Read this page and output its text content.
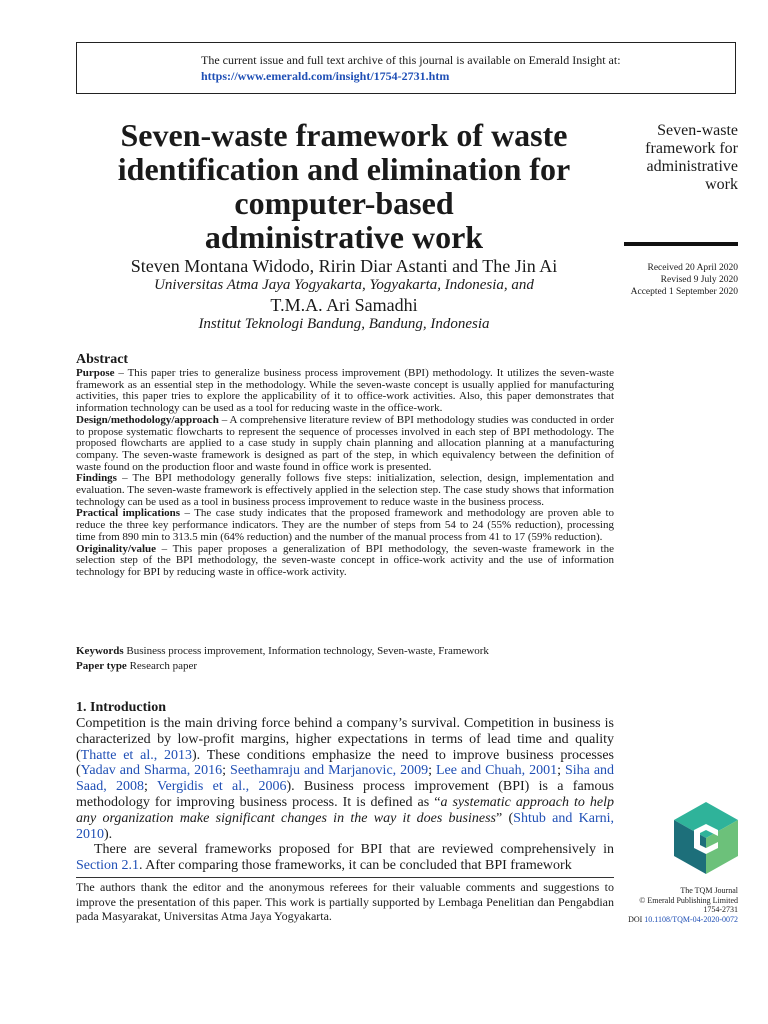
The current issue and full text archive of this journal is available on Emerald Insight at:
https://www.emerald.com/insight/1754-2731.htm
Seven-waste framework of waste
identification and elimination for
computer-based
administrative work
Seven-waste
framework for
administrative
work
Received 20 April 2020
Revised 9 July 2020
Accepted 1 September 2020
Steven Montana Widodo, Ririn Diar Astanti and The Jin Ai
Universitas Atma Jaya Yogyakarta, Yogyakarta, Indonesia, and
T.M.A. Ari Samadhi
Institut Teknologi Bandung, Bandung, Indonesia
Abstract

Purpose – This paper tries to generalize business process improvement (BPI) methodology. It utilizes the seven-waste framework as an essential step in the methodology. While the seven-waste concept is usually applied for manufacturing activities, this paper tries to explore the applicability of it to office-work activities. Also, this paper demonstrates that information technology can be used as a tool for reducing waste in the office-work.

Design/methodology/approach – A comprehensive literature review of BPI methodology studies was conducted in order to propose systematic flowcharts to represent the sequence of processes involved in each step of BPI methodology. The proposed flowcharts are applied to a case study in supply chain planning and allocation planning at a manufacturing company. The seven-waste framework is designed as part of the step, in which equivalency between the definition of waste found on the production floor and waste found in office work is presented.

Findings – The BPI methodology generally follows five steps: initialization, selection, design, implementation and evaluation. The seven-waste framework is effectively applied in the selection step. The case study shows that information technology can be used as a tool in business process improvement to reduce waste in the business process.

Practical implications – The case study indicates that the proposed framework and methodology are proven able to reduce the three key performance indicators. They are the number of steps from 54 to 24 (55% reduction), processing time from 890 min to 313.5 min (64% reduction) and the number of the manual process from 41 to 17 (59% reduction).

Originality/value – This paper proposes a generalization of BPI methodology, the seven-waste framework in the selection step of the BPI methodology, the seven-waste concept in office-work activity and the use of information technology for BPI by reducing waste in office-work activity.

Keywords Business process improvement, Information technology, Seven-waste, Framework
Paper type Research paper
1. Introduction

Competition is the main driving force behind a company’s survival. Competition in business is characterized by low-profit margins, higher expectations in terms of lead time and quality (Thatte et al., 2013). These conditions emphasize the need to improve business processes (Yadav and Sharma, 2016; Seethamraju and Marjanovic, 2009; Lee and Chuah, 2001; Siha and Saad, 2008; Vergidis et al., 2006). Business process improvement (BPI) is a famous methodology for improving business process. It is defined as “a systematic approach to help any organization make significant changes in the way it does business” (Shtub and Karni, 2010).

There are several frameworks proposed for BPI that are reviewed comprehensively in Section 2.1. After comparing those frameworks, it can be concluded that BPI framework

The authors thank the editor and the anonymous referees for their valuable comments and suggestions to improve the presentation of this paper. This work is partially supported by Lembaga Penelitian dan Pengabdian pada Masyarakat, Universitas Atma Jaya Yogyakarta.
The TQM Journal
© Emerald Publishing Limited
1754-2731
DOI 10.1108/TQM-04-2020-0072
